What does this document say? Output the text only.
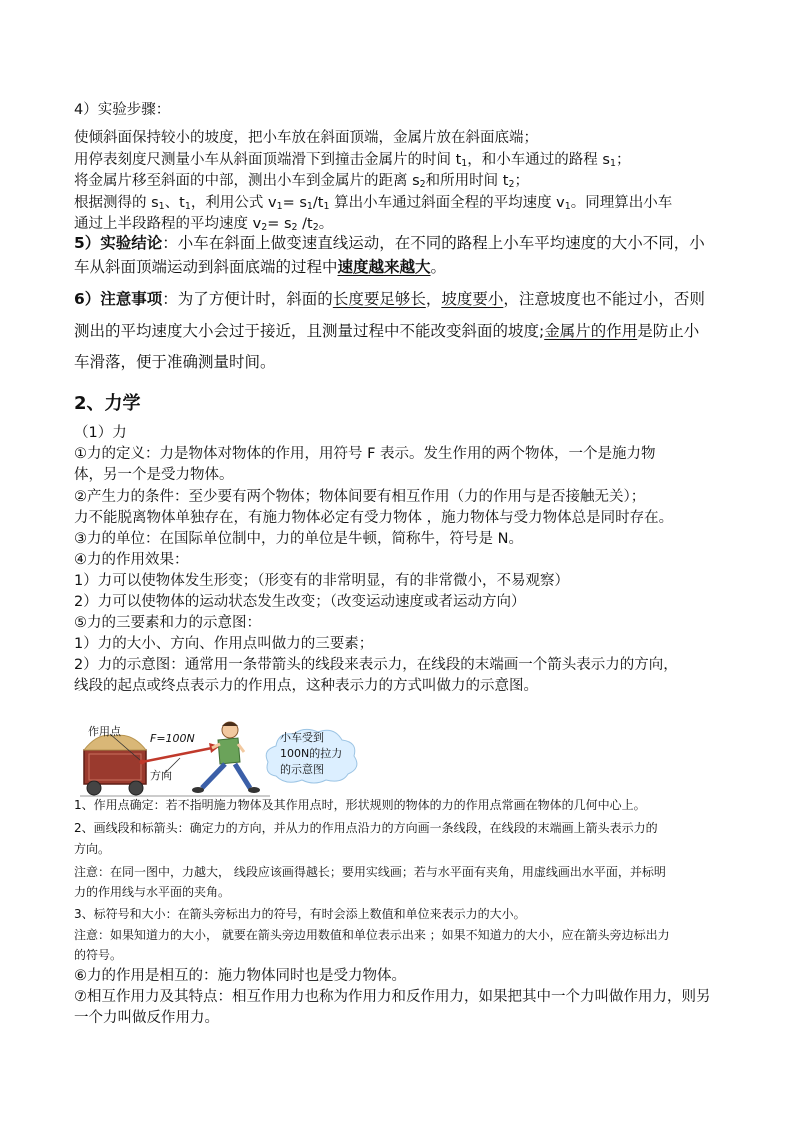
4）实验步骤：
使倾斜面保持较小的坡度，把小车放在斜面顶端，金属片放在斜面底端；
用停表刻度尺测量小车从斜面顶端滑下到撞击金属片的时间 $t_1$，和小车通过的路程 $s_1$；
将金属片移至斜面的中部，测出小车到金属片的距离 $s_2$和所用时间 $t_2$；
根据测得的 $s_1$、$t_1$，利用公式 $v_1= s_1/t_1$ 算出小车通过斜面全程的平均速度 $v_1$。同理算出小车
通过上半段路程的平均速度 $v_2= s_2$ $/t_2$。
5）实验结论：小车在斜面上做变速直线运动，在不同的路程上小车平均速度的大小不同，小
车从斜面顶端运动到斜面底端的过程中速度越来越大。
6）注意事项：为了方便计时，斜面的长度要足够长，坡度要小，注意坡度也不能过小，否则
测出的平均速度大小会过于接近，且测量过程中不能改变斜面的坡度;金属片的作用是防止小
车滑落，便于准确测量时间。
2、力学
（1）力
①力的定义：力是物体对物体的作用，用符号 F 表示。发生作用的两个物体，一个是施力物
体，另一个是受力物体。
②产生力的条件：至少要有两个物体；物体间要有相互作用（力的作用与是否接触无关）；
力不能脱离物体单独存在，有施力物体必定有受力物体 ，施力物体与受力物体总是同时存在。
③力的单位：在国际单位制中，力的单位是牛顿，简称牛，符号是 N。
④力的作用效果：
1）力可以使物体发生形变；（形变有的非常明显，有的非常微小，不易观察）
2）力可以使物体的运动状态发生改变；（改变运动速度或者运动方向）
⑤力的三要素和力的示意图：
1）力的大小、方向、作用点叫做力的三要素；
2）力的示意图：通常用一条带箭头的线段来表示力，在线段的末端画一个箭头表示力的方向，
线段的起点或终点表示力的作用点，这种表示力的方式叫做力的示意图。
作用点
F=100N
方向
小车受到
100N的拉力
的示意图
1、作用点确定：若不指明施力物体及其作用点时，形状规则的物体的力的作用点常画在物体的几何中心上。
2、画线段和标箭头：确定力的方向，并从力的作用点沿力的方向画一条线段，在线段的末端画上箭头表示力的
方向。
注意：在同一图中，力越大， 线段应该画得越长；要用实线画；若与水平面有夹角，用虚线画出水平面，并标明
力的作用线与水平面的夹角。
3、标符号和大小：在箭头旁标出力的符号，有时会添上数值和单位来表示力的大小。
注意：如果知道力的大小， 就要在箭头旁边用数值和单位表示出来 ；如果不知道力的大小，应在箭头旁边标出力
的符号。
⑥力的作用是相互的：施力物体同时也是受力物体。
⑦相互作用力及其特点：相互作用力也称为作用力和反作用力，如果把其中一个力叫做作用力，则另
一个力叫做反作用力。
